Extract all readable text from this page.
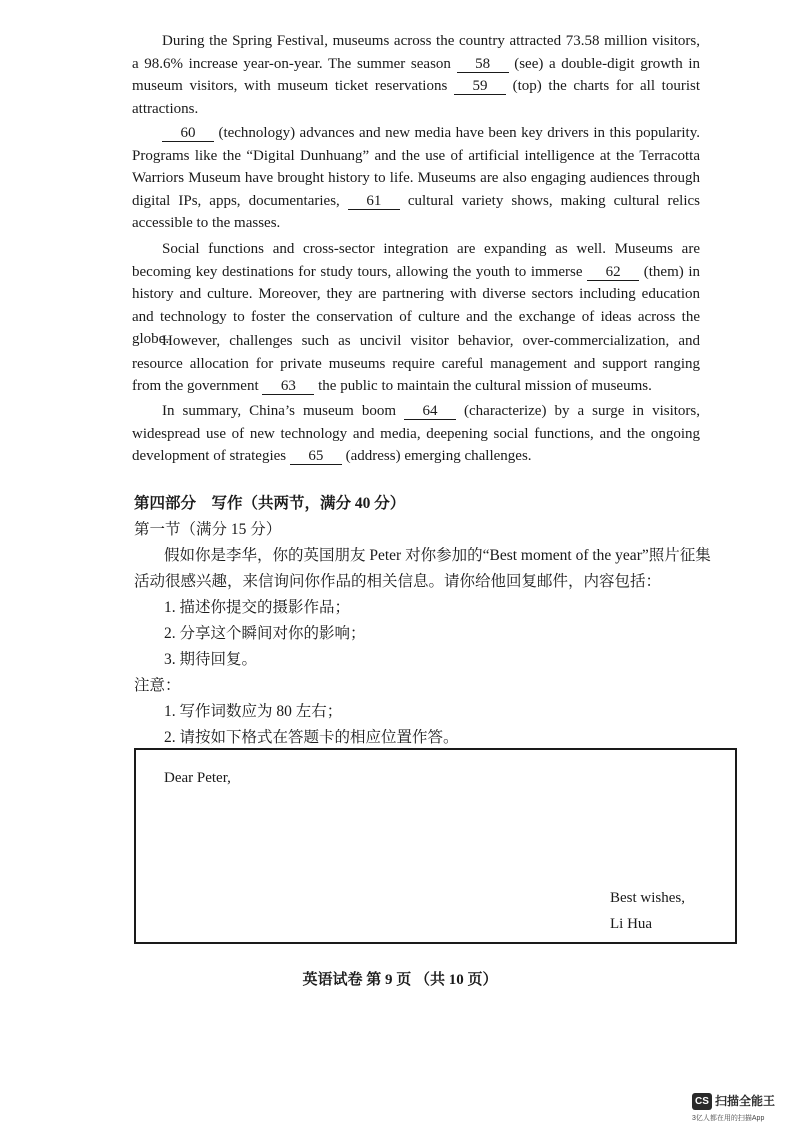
During the Spring Festival, museums across the country attracted 73.58 million visitors, a 98.6% increase year-on-year. The summer season 58 (see) a double-digit growth in museum visitors, with museum ticket reservations 59 (top) the charts for all tourist attractions.
60 (technology) advances and new media have been key drivers in this popularity. Programs like the “Digital Dunhuang” and the use of artificial intelligence at the Terracotta Warriors Museum have brought history to life. Museums are also engaging audiences through digital IPs, apps, documentaries, 61 cultural variety shows, making cultural relics accessible to the masses.
Social functions and cross-sector integration are expanding as well. Museums are becoming key destinations for study tours, allowing the youth to immerse 62 (them) in history and culture. Moreover, they are partnering with diverse sectors including education and technology to foster the conservation of culture and the exchange of ideas across the globe.
However, challenges such as uncivil visitor behavior, over-commercialization, and resource allocation for private museums require careful management and support ranging from the government 63 the public to maintain the cultural mission of museums.
In summary, China’s museum boom 64 (characterize) by a surge in visitors, widespread use of new technology and media, deepening social functions, and the ongoing development of strategies 65 (address) emerging challenges.
第四部分　写作（共两节，满分 40 分）
第一节（满分 15 分）
假如你是李华，你的英国朋友 Peter 对你参加的“Best moment of the year”照片征集
活动很感兴趣，来信询问你作品的相关信息。请你给他回复邮件，内容包括：
1. 描述你提交的摄影作品；
2. 分享这个瞬间对你的影响；
3. 期待回复。
注意：
1. 写作词数应为 80 左右；
2. 请按如下格式在答题卡的相应位置作答。
Dear Peter,
Best wishes,
Li Hua
英语试卷 第 9 页 （共 10 页）
CS 扫描全能王
3亿人都在用的扫描App
